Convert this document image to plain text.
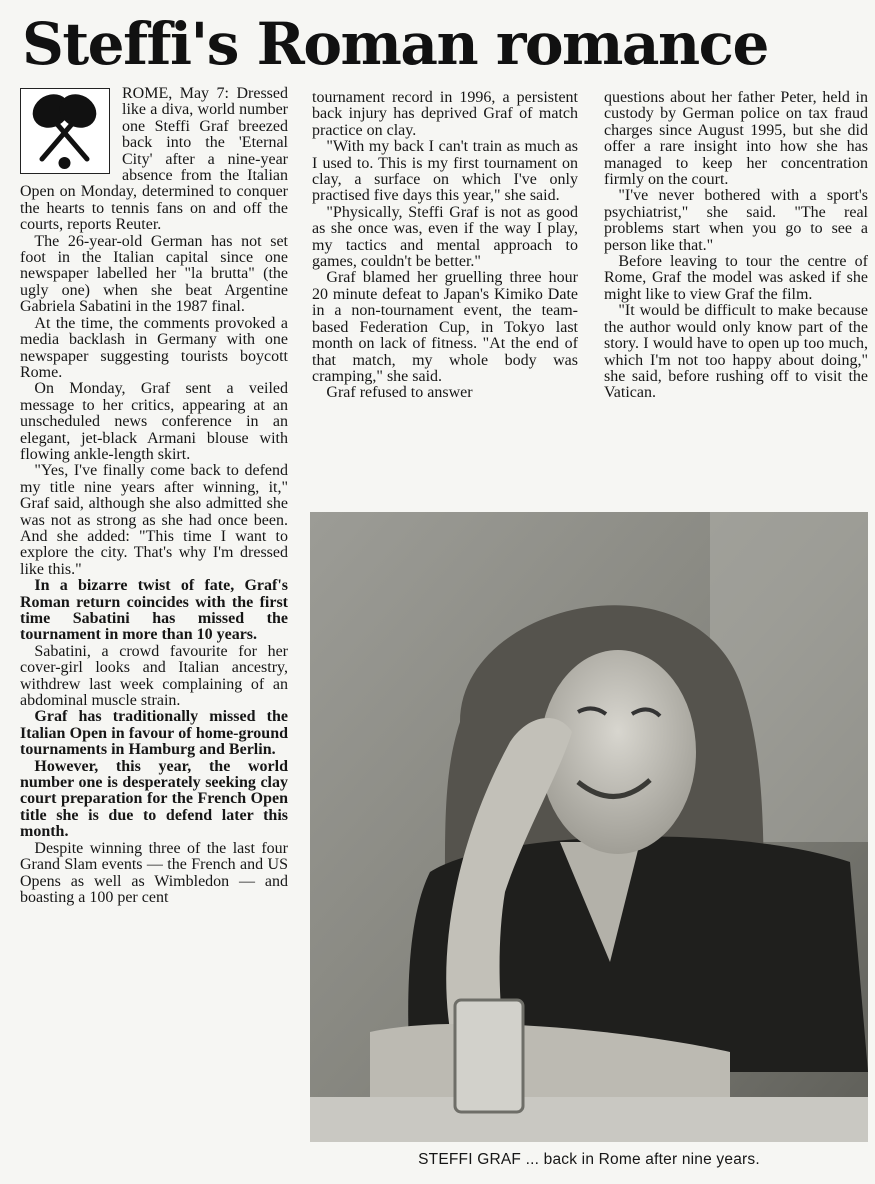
Steffi's Roman romance

ROME, May 7: Dressed like a diva, world number one Steffi Graf breezed back into the 'Eternal City' after a nine-year absence from the Italian Open on Monday, determined to conquer the hearts to tennis fans on and off the courts, reports Reuter.

The 26-year-old German has not set foot in the Italian capital since one newspaper labelled her "la brutta" (the ugly one) when she beat Argentine Gabriela Sabatini in the 1987 final.

At the time, the comments provoked a media backlash in Germany with one newspaper suggesting tourists boycott Rome.

On Monday, Graf sent a veiled message to her critics, appearing at an unscheduled news conference in an elegant, jet-black Armani blouse with flowing ankle-length skirt.

"Yes, I've finally come back to defend my title nine years after winning, it," Graf said, although she also admitted she was not as strong as she had once been. And she added: "This time I want to explore the city. That's why I'm dressed like this."

In a bizarre twist of fate, Graf's Roman return coincides with the first time Sabatini has missed the tournament in more than 10 years.

Sabatini, a crowd favourite for her cover-girl looks and Italian ancestry, withdrew last week complaining of an abdominal muscle strain.

Graf has traditionally missed the Italian Open in favour of home-ground tournaments in Hamburg and Berlin.

However, this year, the world number one is desperately seeking clay court preparation for the French Open title she is due to defend later this month.

Despite winning three of the last four Grand Slam events — the French and US Opens as well as Wimbledon — and boasting a 100 per cent

tournament record in 1996, a persistent back injury has deprived Graf of match practice on clay.

"With my back I can't train as much as I used to. This is my first tournament on clay, a surface on which I've only practised five days this year," she said.

"Physically, Steffi Graf is not as good as she once was, even if the way I play, my tactics and mental approach to games, couldn't be better."

Graf blamed her gruelling three hour 20 minute defeat to Japan's Kimiko Date in a non-tournament event, the team-based Federation Cup, in Tokyo last month on lack of fitness. "At the end of that match, my whole body was cramping," she said.

Graf refused to answer

questions about her father Peter, held in custody by German police on tax fraud charges since August 1995, but she did offer a rare insight into how she has managed to keep her concentration firmly on the court.

"I've never bothered with a sport's psychiatrist," she said. "The real problems start when you go to see a person like that."

Before leaving to tour the centre of Rome, Graf the model was asked if she might like to view Graf the film.

"It would be difficult to make because the author would only know part of the story. I would have to open up too much, which I'm not too happy about doing," she said, before rushing off to visit the Vatican.

STEFFI GRAF ... back in Rome after nine years.
